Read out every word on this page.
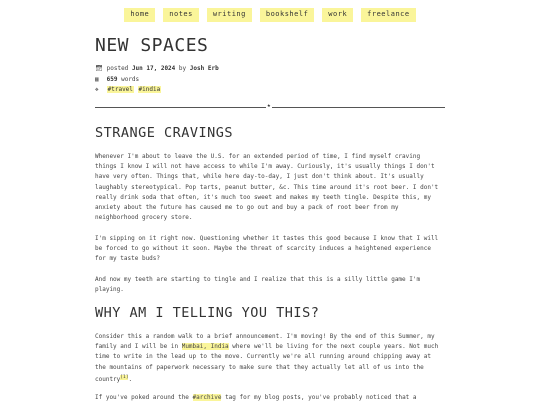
home	notes	writing	bookshelf	work	freelance
NEW SPACES
📅︎ posted Jun 17, 2024 by Josh Erb
▦ 659 words
❖ #travel #india
★
STRANGE CRAVINGS

Whenever I'm about to leave the U.S. for an extended period of time, I find myself craving things I know I will not have access to while I'm away. Curiously, it's usually things I don't have very often. Things that, while here day-to-day, I just don't think about. It's usually laughably stereotypical. Pop tarts, peanut butter, &c. This time around it's root beer. I don't really drink soda that often, it's much too sweet and makes my teeth tingle. Despite this, my anxiety about the future has caused me to go out and buy a pack of root beer from my neighborhood grocery store.

I'm sipping on it right now. Questioning whether it tastes this good because I know that I will be forced to go without it soon. Maybe the threat of scarcity induces a heightened experience for my taste buds?

And now my teeth are starting to tingle and I realize that this is a silly little game I'm playing.

WHY AM I TELLING YOU THIS?

Consider this a random walk to a brief announcement. I'm moving! By the end of this Summer, my family and I will be in Mumbai, India where we'll be living for the next couple years. Not much time to write in the lead up to the move. Currently we're all running around chipping away at the mountains of paperwork necessary to make sure that they actually let all of us into the country[1].

If you've poked around the #archive tag for my blog posts, you've probably noticed that a
